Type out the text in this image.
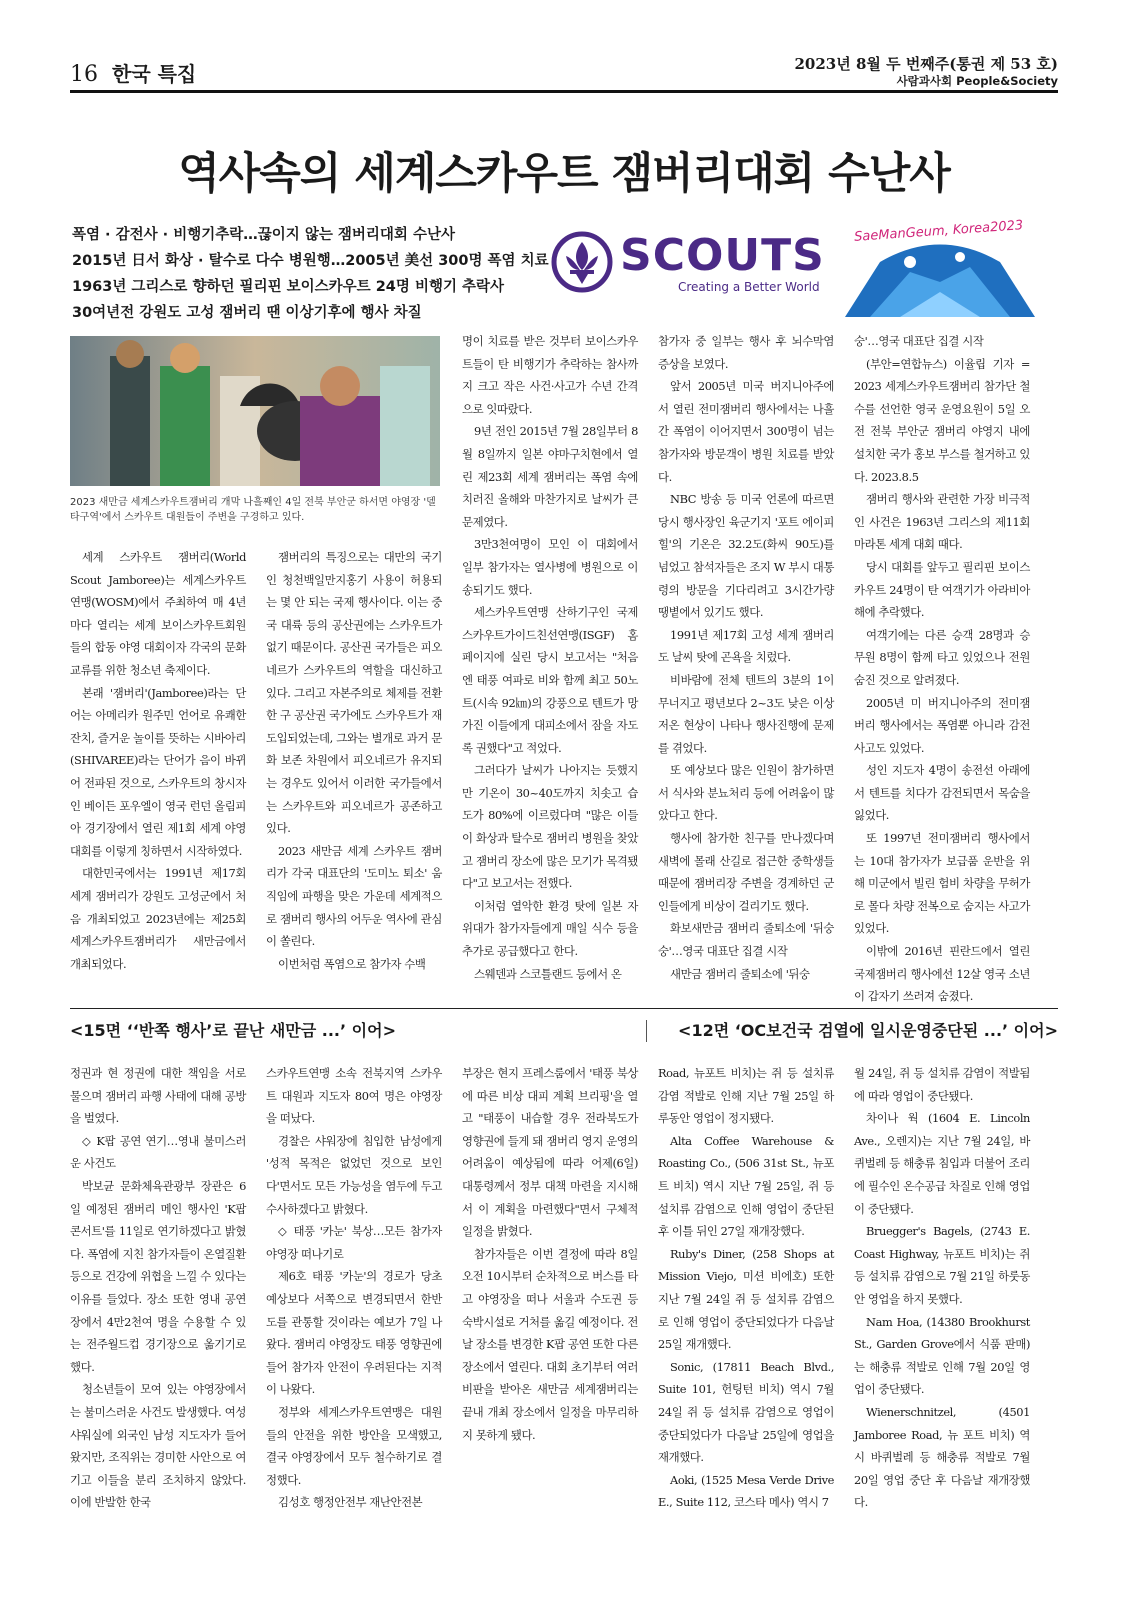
16 한국 특집	2023년 8월 두 번째주(통권 제 53 호)
사람과사회 People&Society
역사속의 세계스카우트 잼버리대회 수난사
폭염 · 감전사 · 비행기추락…끊이지 않는 잼버리대회 수난사
2015년 日서 화상 · 탈수로 다수 병원행…2005년 美선 300명 폭염 치료
1963년 그리스로 향하던 필리핀 보이스카우트 24명 비행기 추락사
30여년전 강원도 고성 잼버리 땐 이상기후에 행사 차질
SCOUTS
Creating a Better World
SaeManGeum, Korea2023
2023 새만금 세계스카우트잼버리 개막 나흘째인 4일 전북 부안군 하서면 야영장 '델타구역'에서 스카우트 대원들이 주변을 구경하고 있다.

세계 스카우트 잼버리(World Scout Jamboree)는 세계스카우트연맹(WOSM)에서 주최하여 매 4년마다 열리는 세계 보이스카우트회원들의 합동 야영 대회이자 각국의 문화교류를 위한 청소년 축제이다.

본래 '잼버리'(Jamboree)라는 단어는 아메리카 원주민 언어로 유쾌한 잔치, 즐거운 놀이를 뜻하는 시바아리(SHIVAREE)라는 단어가 음이 바뀌어 전파된 것으로, 스카우트의 창시자인 베이든 포우엘이 영국 런던 올림피아 경기장에서 열린 제1회 세계 야영 대회를 이렇게 칭하면서 시작하였다.

대한민국에서는 1991년 제17회 세계 잼버리가 강원도 고성군에서 처음 개최되었고 2023년에는 제25회 세계스카우트잼버리가 새만금에서 개최되었다.

잼버리의 특징으로는 대만의 국기인 청천백일만지홍기 사용이 허용되는 몇 안 되는 국제 행사이다. 이는 중국 대륙 등의 공산권에는 스카우트가 없기 때문이다. 공산권 국가들은 피오네르가 스카우트의 역할을 대신하고 있다. 그리고 자본주의로 체제를 전환한 구 공산권 국가에도 스카우트가 재도입되었는데, 그와는 별개로 과거 문화 보존 차원에서 피오네르가 유지되는 경우도 있어서 이러한 국가들에서는 스카우트와 피오네르가 공존하고 있다.

2023 새만금 세계 스카우트 잼버리가 각국 대표단의 '도미노 퇴소' 움직임에 파행을 맞은 가운데 세계적으로 잼버리 행사의 어두운 역사에 관심이 쏠린다.

이번처럼 폭염으로 참가자 수백

명이 치료를 받은 것부터 보이스카우트들이 탄 비행기가 추락하는 참사까지 크고 작은 사건·사고가 수년 간격으로 잇따랐다.

9년 전인 2015년 7월 28일부터 8월 8일까지 일본 야마구치현에서 열린 제23회 세계 잼버리는 폭염 속에 치러진 올해와 마찬가지로 날씨가 큰 문제였다.

3만3천여명이 모인 이 대회에서 일부 참가자는 열사병에 병원으로 이송되기도 했다.

세스카우트연맹 산하기구인 국제스카우트가이드친선연맹(ISGF) 홈페이지에 실린 당시 보고서는 "처음엔 태풍 여파로 비와 함께 최고 50노트(시속 92㎞)의 강풍으로 텐트가 망가진 이들에게 대피소에서 잠을 자도록 권했다"고 적었다.

그러다가 날씨가 나아지는 듯했지만 기온이 30~40도까지 치솟고 습도가 80%에 이르렀다며 "많은 이들이 화상과 탈수로 잼버리 병원을 찾았고 잼버리 장소에 많은 모기가 목격됐다"고 보고서는 전했다.

이처럼 열악한 환경 탓에 일본 자위대가 참가자들에게 매일 식수 등을 추가로 공급했다고 한다.

스웨덴과 스코틀랜드 등에서 온

참가자 중 일부는 행사 후 뇌수막염 증상을 보였다.

앞서 2005년 미국 버지니아주에서 열린 전미잼버리 행사에서는 나흘간 폭염이 이어지면서 300명이 넘는 참가자와 방문객이 병원 치료를 받았다.

NBC 방송 등 미국 언론에 따르면 당시 행사장인 육군기지 '포트 에이피 힐'의 기온은 32.2도(화씨 90도)를 넘었고 참석자들은 조지 W 부시 대통령의 방문을 기다리려고 3시간가량 땡볕에서 있기도 했다.

1991년 제17회 고성 세계 잼버리도 날씨 탓에 곤욕을 치렀다.

비바람에 전체 텐트의 3분의 1이 무너지고 평년보다 2~3도 낮은 이상저온 현상이 나타나 행사진행에 문제를 겪었다.

또 예상보다 많은 인원이 참가하면서 식사와 분뇨처리 등에 어려움이 많았다고 한다.

행사에 참가한 친구를 만나겠다며 새벽에 몰래 산길로 접근한 중학생들 때문에 잼버리장 주변을 경계하던 군인들에게 비상이 걸리기도 했다.

화보새만금 잼버리 줄퇴소에 '뒤숭숭'…영국 대표단 집결 시작

새만금 잼버리 줄퇴소에 '뒤숭

숭'…영국 대표단 집결 시작

(부안=연합뉴스) 이율립 기자 = 2023 세계스카우트잼버리 참가단 철수를 선언한 영국 운영요원이 5일 오전 전북 부안군 잼버리 야영지 내에 설치한 국가 홍보 부스를 철거하고 있다. 2023.8.5

잼버리 행사와 관련한 가장 비극적인 사건은 1963년 그리스의 제11회 마라톤 세계 대회 때다.

당시 대회를 앞두고 필리핀 보이스카우트 24명이 탄 여객기가 아라비아해에 추락했다.

여객기에는 다른 승객 28명과 승무원 8명이 함께 타고 있었으나 전원 숨진 것으로 알려졌다.

2005년 미 버지니아주의 전미잼버리 행사에서는 폭염뿐 아니라 감전 사고도 있었다.

성인 지도자 4명이 송전선 아래에서 텐트를 치다가 감전되면서 목숨을 잃었다.

또 1997년 전미잼버리 행사에서는 10대 참가자가 보급품 운반을 위해 미군에서 빌린 험비 차량을 무허가로 몰다 차량 전복으로 숨지는 사고가 있었다.

이밖에 2016년 핀란드에서 열린 국제잼버리 행사에선 12살 영국 소년이 갑자기 쓰러져 숨졌다.

<15면 ‘‘반쪽 행사’로 끝난 새만금 ...’ 이어>	<12면 ‘OC보건국 검열에 일시운영중단된 ...’ 이어>

정권과 현 정권에 대한 책임을 서로 물으며 잼버리 파행 사태에 대해 공방을 벌였다.

◇ K팝 공연 연기…영내 불미스러운 사건도

박보균 문화체육관광부 장관은 6일 예정된 잼버리 메인 행사인 'K팝 콘서트'를 11일로 연기하겠다고 밝혔다. 폭염에 지친 참가자들이 온열질환 등으로 건강에 위협을 느낄 수 있다는 이유를 들었다. 장소 또한 영내 공연장에서 4만2천여 명을 수용할 수 있는 전주월드컵 경기장으로 옮기기로 했다.

청소년들이 모여 있는 야영장에서는 불미스러운 사건도 발생했다. 여성 샤워실에 외국인 남성 지도자가 들어왔지만, 조직위는 경미한 사안으로 여기고 이들을 분리 조치하지 않았다. 이에 반발한 한국

스카우트연맹 소속 전북지역 스카우트 대원과 지도자 80여 명은 야영장을 떠났다.

경찰은 샤워장에 침입한 남성에게 '성적 목적은 없었던 것으로 보인다'면서도 모든 가능성을 염두에 두고 수사하겠다고 밝혔다.

◇ 태풍 '카눈' 북상…모든 참가자 야영장 떠나기로

제6호 태풍 '카눈'의 경로가 당초 예상보다 서쪽으로 변경되면서 한반도를 관통할 것이라는 예보가 7일 나왔다. 잼버리 야영장도 태풍 영향권에 들어 참가자 안전이 우려된다는 지적이 나왔다.

정부와 세계스카우트연맹은 대원들의 안전을 위한 방안을 모색했고, 결국 야영장에서 모두 철수하기로 결정했다.

김성호 행정안전부 재난안전본

부장은 현지 프레스룸에서 '태풍 북상에 따른 비상 대피 계획 브리핑'을 열고 "태풍이 내습할 경우 전라북도가 영향권에 들게 돼 잼버리 영지 운영의 어려움이 예상됨에 따라 어제(6일) 대통령께서 정부 대책 마련을 지시해서 이 계획을 마련했다"면서 구체적 일정을 밝혔다.

참가자들은 이번 결정에 따라 8일 오전 10시부터 순차적으로 버스를 타고 야영장을 떠나 서울과 수도권 등 숙박시설로 거처를 옮길 예정이다. 전날 장소를 변경한 K팝 공연 또한 다른 장소에서 열린다. 대회 초기부터 여러 비판을 받아온 새만금 세계잼버리는 끝내 개최 장소에서 일정을 마무리하지 못하게 됐다.

Road, 뉴포트 비치)는 쥐 등 설치류 감염 적발로 인해 지난 7월 25일 하루동안 영업이 정지됐다.

Alta Coffee Warehouse & Roasting Co., (506 31st St., 뉴포트 비치) 역시 지난 7월 25일, 쥐 등 설치류 감염으로 인해 영업이 중단된 후 이틀 뒤인 27일 재개장했다.

Ruby's Diner, (258 Shops at Mission Viejo, 미션 비에호) 또한 지난 7월 24일 쥐 등 설치류 감염으로 인해 영업이 중단되었다가 다음날 25일 재개했다.

Sonic, (17811 Beach Blvd., Suite 101, 헌팅턴 비치) 역시 7월 24일 쥐 등 설치류 감염으로 영업이 중단되었다가 다음날 25일에 영업을 재개했다.

Aoki, (1525 Mesa Verde Drive E., Suite 112, 코스타 메사) 역시 7

월 24일, 쥐 등 설치류 감염이 적발됨에 따라 영업이 중단됐다.

차이나 웍 (1604 E. Lincoln Ave., 오렌지)는 지난 7월 24일, 바퀴벌레 등 해충류 침입과 더불어 조리에 필수인 온수공급 차질로 인해 영업이 중단됐다.

Bruegger's Bagels, (2743 E. Coast Highway, 뉴포트 비치)는 쥐 등 설치류 감염으로 7월 21일 하룻동안 영업을 하지 못했다.

Nam Hoa, (14380 Brookhurst St., Garden Grove에서 식품 판매)는 해충류 적발로 인해 7월 20일 영업이 중단됐다.

Wienerschnitzel, (4501 Jamboree Road, 뉴 포트 비치) 역시 바퀴벌레 등 해충류 적발로 7월 20일 영업 중단 후 다음날 재개장했다.
